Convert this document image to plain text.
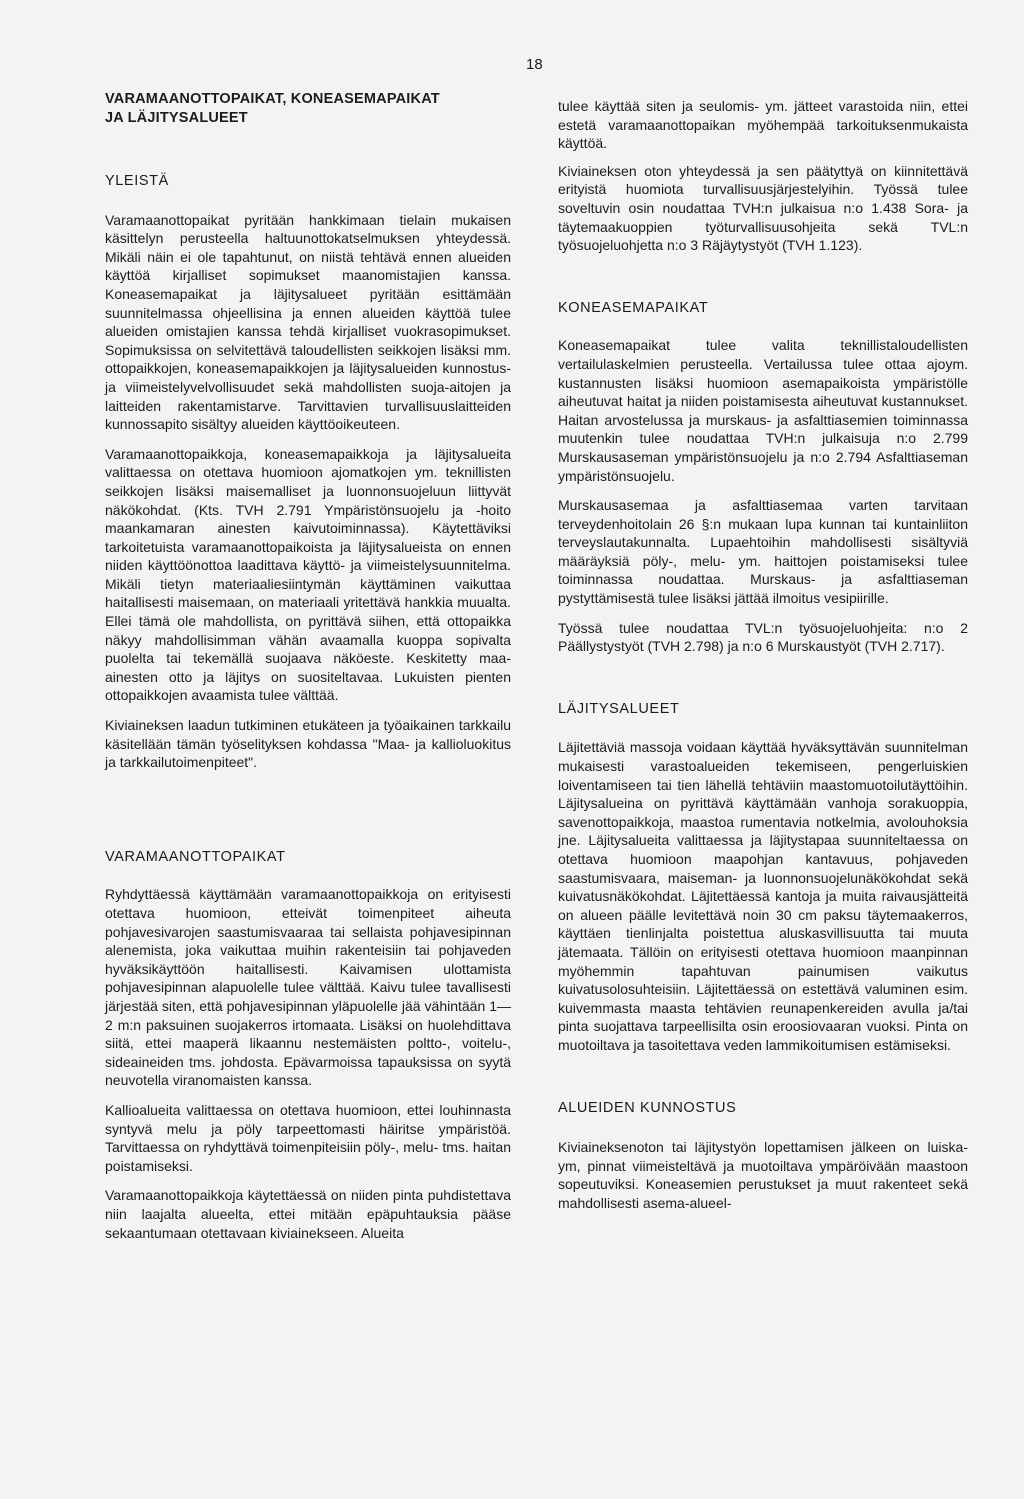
18
VARAMAANOTTOPAIKAT, KONEASEMAPAIKAT JA LÄJITYSALUEET
YLEISTÄ

Varamaanottopaikat pyritään hankkimaan tielain mukaisen käsittelyn perusteella haltuunottokatselmuksen yhteydessä. Mikäli näin ei ole tapahtunut, on niistä tehtävä ennen alueiden käyttöä kirjalliset sopimukset maanomistajien kanssa. Koneasemapaikat ja läjitysalueet pyritään esittämään suunnitelmassa ohjeellisina ja ennen alueiden käyttöä tulee alueiden omistajien kanssa tehdä kirjalliset vuokrasopimukset. Sopimuksissa on selvitettävä taloudellisten seikkojen lisäksi mm. ottopaikkojen, koneasemapaikkojen ja läjitysalueiden kunnostus- ja viimeistelyvelvollisuudet sekä mahdollisten suoja-aitojen ja laitteiden rakentamistarve. Tarvittavien turvallisuuslaitteiden kunnossapito sisältyy alueiden käyttöoikeuteen.

Varamaanottopaikkoja, koneasemapaikkoja ja läjitysalueita valittaessa on otettava huomioon ajomatkojen ym. teknillisten seikkojen lisäksi maisemalliset ja luonnonsuojeluun liittyvät näkökohdat. (Kts. TVH 2.791 Ympäristönsuojelu ja -hoito maankamaran ainesten kaivutoiminnassa). Käytettäviksi tarkoitetuista varamaanottopaikoista ja läjitysalueista on ennen niiden käyttöönottoa laadittava käyttö- ja viimeistelysuunnitelma. Mikäli tietyn materiaaliesiintymän käyttäminen vaikuttaa haitallisesti maisemaan, on materiaali yritettävä hankkia muualta. Ellei tämä ole mahdollista, on pyrittävä siihen, että ottopaikka näkyy mahdollisimman vähän avaamalla kuoppa sopivalta puolelta tai tekemällä suojaava näköeste. Keskitetty maa-ainesten otto ja läjitys on suositeltavaa. Lukuisten pienten ottopaikkojen avaamista tulee välttää.

Kiviaineksen laadun tutkiminen etukäteen ja työaikainen tarkkailu käsitellään tämän työselityksen kohdassa "Maa- ja kallioluokitus ja tarkkailutoimenpiteet".

VARAMAANOTTOPAIKAT

Ryhdyttäessä käyttämään varamaanottopaikkoja on erityisesti otettava huomioon, etteivät toimenpiteet aiheuta pohjavesivarojen saastumisvaaraa tai sellaista pohjavesipinnan alenemista, joka vaikuttaa muihin rakenteisiin tai pohjaveden hyväksikäyttöön haitallisesti. Kaivamisen ulottamista pohjavesipinnan alapuolelle tulee välttää. Kaivu tulee tavallisesti järjestää siten, että pohjavesipinnan yläpuolelle jää vähintään 1—2 m:n paksuinen suojakerros irtomaata. Lisäksi on huolehdittava siitä, ettei maaperä likaannu nestemäisten poltto-, voitelu-, sideaineiden tms. johdosta. Epävarmoissa tapauksissa on syytä neuvotella viranomaisten kanssa.

Kallioalueita valittaessa on otettava huomioon, ettei louhinnasta syntyvä melu ja pöly tarpeettomasti häiritse ympäristöä. Tarvittaessa on ryhdyttävä toimenpiteisiin pöly-, melu- tms. haitan poistamiseksi.

Varamaanottopaikkoja käytettäessä on niiden pinta puhdistettava niin laajalta alueelta, ettei mitään epäpuhtauksia pääse sekaantumaan otettavaan kiviainekseen. Alueita

tulee käyttää siten ja seulomis- ym. jätteet varastoida niin, ettei estetä varamaanottopaikan myöhempää tarkoituksenmukaista käyttöä.

Kiviaineksen oton yhteydessä ja sen päätyttyä on kiinnitettävä erityistä huomiota turvallisuusjärjestelyihin. Työssä tulee soveltuvin osin noudattaa TVH:n julkaisua n:o 1.438 Sora- ja täytemaakuoppien työturvallisuusohjeita sekä TVL:n työsuojeluohjetta n:o 3 Räjäytystyöt (TVH 1.123).

KONEASEMAPAIKAT

Koneasemapaikat tulee valita teknillistaloudellisten vertailulaskelmien perusteella. Vertailussa tulee ottaa ajoym. kustannusten lisäksi huomioon asemapaikoista ympäristölle aiheutuvat haitat ja niiden poistamisesta aiheutuvat kustannukset. Haitan arvostelussa ja murskaus- ja asfalttiasemien toiminnassa muutenkin tulee noudattaa TVH:n julkaisuja n:o 2.799 Murskausaseman ympäristönsuojelu ja n:o 2.794 Asfalttiaseman ympäristönsuojelu.

Murskausasemaa ja asfalttiasemaa varten tarvitaan terveydenhoitolain 26 §:n mukaan lupa kunnan tai kuntainliiton terveyslautakunnalta. Lupaehtoihin mahdollisesti sisältyviä määräyksiä pöly-, melu- ym. haittojen poistamiseksi tulee toiminnassa noudattaa. Murskaus- ja asfalttiaseman pystyttämisestä tulee lisäksi jättää ilmoitus vesipiirille.

Työssä tulee noudattaa TVL:n työsuojeluohjeita: n:o 2 Päällystystyöt (TVH 2.798) ja n:o 6 Murskaustyöt (TVH 2.717).

LÄJITYSALUEET

Läjitettäviä massoja voidaan käyttää hyväksyttävän suunnitelman mukaisesti varastoalueiden tekemiseen, pengerluiskien loiventamiseen tai tien lähellä tehtäviin maastomuotoilutäyttöihin. Läjitysalueina on pyrittävä käyttämään vanhoja sorakuoppia, savenottopaikkoja, maastoa rumentavia notkelmia, avolouhoksia jne. Läjitysalueita valittaessa ja läjitystapaa suunniteltaessa on otettava huomioon maapohjan kantavuus, pohjaveden saastumisvaara, maiseman- ja luonnonsuojelunäkökohdat sekä kuivatusnäkökohdat. Läjitettäessä kantoja ja muita raivausjätteitä on alueen päälle levitettävä noin 30 cm paksu täytemaakerros, käyttäen tienlinjalta poistettua aluskasvillisuutta tai muuta jätemaata. Tällöin on erityisesti otettava huomioon maanpinnan myöhemmin tapahtuvan painumisen vaikutus kuivatusolosuhteisiin. Läjitettäessä on estettävä valuminen esim. kuivemmasta maasta tehtävien reunapenkereiden avulla ja/tai pinta suojattava tarpeellisilta osin eroosiovaaran vuoksi. Pinta on muotoiltava ja tasoitettava veden lammikoitumisen estämiseksi.

ALUEIDEN KUNNOSTUS

Kiviaineksenoton tai läjitystyön lopettamisen jälkeen on luiska- ym, pinnat viimeisteltävä ja muotoiltava ympäröivään maastoon sopeutuviksi. Koneasemien perustukset ja muut rakenteet sekä mahdollisesti asema-alueel-
